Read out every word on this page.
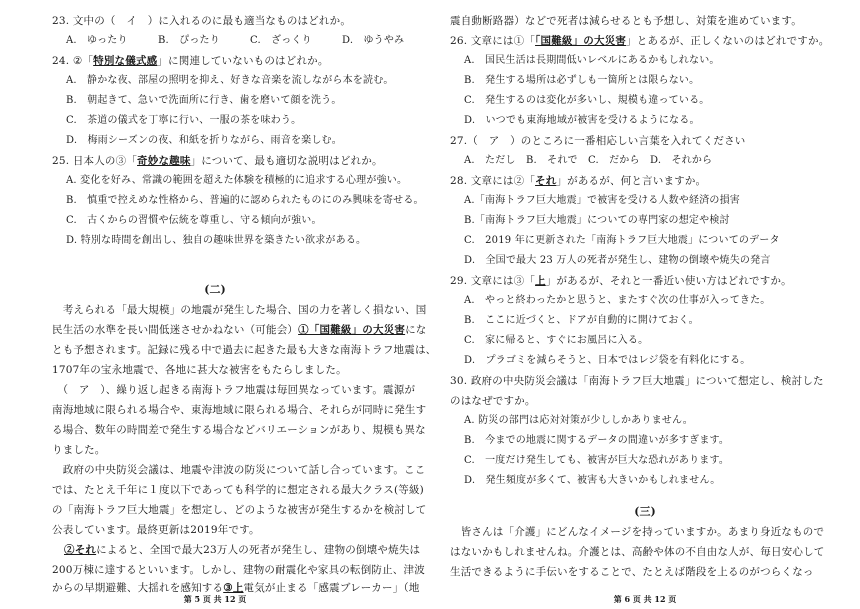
23. 文中の（　イ　）に入れるのに最も適当なものはどれか。
A.　ゆったり	B.　ぴったり	C.　ざっくり	D.　ゆうやみ
24. ②「特別な儀式感」に関連していないものはどれか。
A.　静かな夜、部屋の照明を抑え、好きな音楽を流しながら本を読む。
B.　朝起きて、急いで洗面所に行き、歯を磨いて顔を洗う。
C.　茶道の儀式を丁寧に行い、一服の茶を味わう。
D.　梅雨シーズンの夜、和紙を折りながら、雨音を楽しむ。
25. 日本人の③「奇妙な趣味」について、最も適切な説明はどれか。
A. 変化を好み、常識の範囲を超えた体験を積極的に追求する心理が強い。
B.　慎重で控えめな性格から、普遍的に認められたものにのみ興味を寄せる。
C.　古くからの習慣や伝統を尊重し、守る傾向が強い。
D. 特別な時間を創出し、独自の趣味世界を築きたい欲求がある。
(二)
　考えられる「最大規模」の地震が発生した場合、国の力を著しく損ない、国
民生活の水準を長い間低迷させかねない（可能会）①「国難級」の大災害にな
とも予想されます。記録に残る中で過去に起きた最も大きな南海トラフ地震は、
1707年の宝永地震で、各地に甚大な被害をもたらしました。
　（　ア　）、繰り返し起きる南海トラフ地震は毎回異なっています。震源が
南海地域に限られる場合や、東海地域に限られる場合、それらが同時に発生す
る場合、数年の時間差で発生する場合などバリエーションがあり、規模も異な
りました。
　政府の中央防災会議は、地震や津波の防災について話し合っています。ここ
では、たとえ千年に１度以下であっても科学的に想定される最大クラス(等級)
の「南海トラフ巨大地震」を想定し、どのような被害が発生するかを検討して
公表しています。最終更新は2019年です。
②それによると、全国で最大23万人の死者が発生し、建物の倒壊や焼失は
200万棟に達するといいます。しかし、建物の耐震化や家具の転倒防止、津波
からの早期避難、大揺れを感知する③上電気が止まる「感震ブレーカー」（地
震自動断路器）などで死者は減らせるとも予想し、対策を進めています。
26. 文章には①「「国難級」の大災害」とあるが、正しくないのはどれですか。
A.　国民生活は長期間低いレベルにあるかもしれない。
B.　発生する場所は必ずしも一箇所とは限らない。
C.　発生するのは変化が多いし、規模も違っている。
D.　いつでも東海地域が被害を受けるようになる。
27.（　ア　）のところに一番相応しい言葉を入れてください
A.　ただし	B.　それで	C.　だから	D.　それから
28. 文章には②「それ」があるが、何と言いますか。
A.「南海トラフ巨大地震」で被害を受ける人数や経済の損害
B.「南海トラフ巨大地震」についての専門家の想定や検討
C.　2019 年に更新された「南海トラフ巨大地震」についてのデータ
D.　全国で最大 23 万人の死者が発生し、建物の倒壊や焼失の発言
29. 文章には③「上」があるが、それと一番近い使い方はどれですか。
A.　やっと終わったかと思うと、またすぐ次の仕事が入ってきた。
B.　ここに近づくと、ドアが自動的に開けておく。
C.　家に帰ると、すぐにお風呂に入る。
D.　プラゴミを減らそうと、日本ではレジ袋を有料化にする。
30. 政府の中央防災会議は「南海トラフ巨大地震」について想定し、検討した
のはなぜですか。
A. 防災の部門は応対対策が少ししかありません。
B.　今までの地震に関するデータの間違いが多すぎます。
C.　一度だけ発生しても、被害が巨大な恐れがあります。
D.　発生頻度が多くて、被害も大きいかもしれません。
(三)
　皆さんは「介護」にどんなイメージを持っていますか。あまり身近なもので
はないかもしれませんね。介護とは、高齢や体の不自由な人が、毎日安心して
生活できるように手伝いをすることで、たとえば階段を上るのがつらくなっ
第 5 页 共 12 页	第 6 页 共 12 页
